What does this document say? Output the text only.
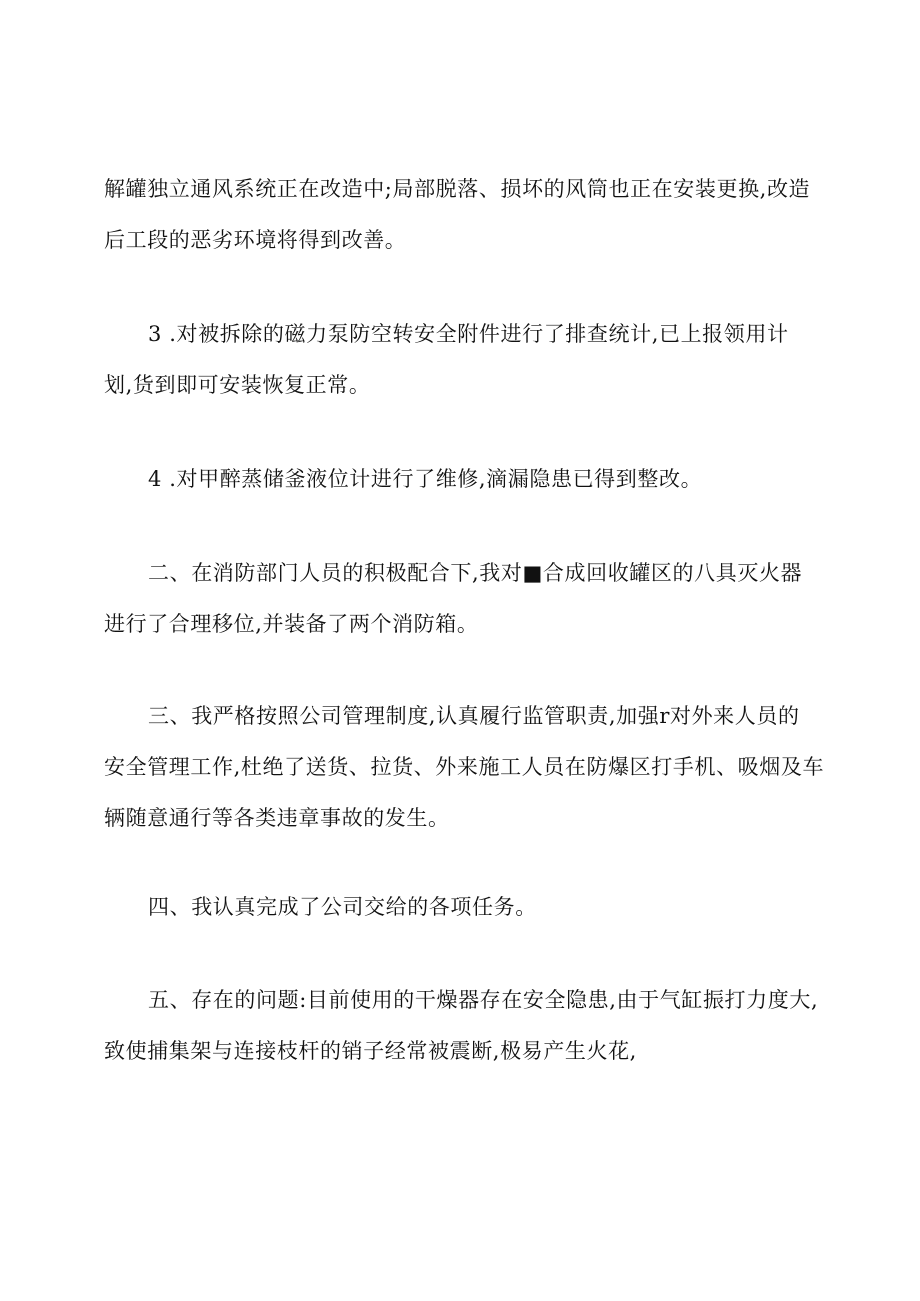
解罐独立通风系统正在改造中;局部脱落、损坏的风筒也正在安装更换,改造
后工段的恶劣环境将得到改善。
3 .对被拆除的磁力泵防空转安全附件进行了排查统计,已上报领用计
划,货到即可安装恢复正常。
4 .对甲醉蒸储釜液位计进行了维修,滴漏隐患已得到整改。
二、在消防部门人员的积极配合下,我对■合成回收罐区的八具灭火器
进行了合理移位,并装备了两个消防箱。
三、我严格按照公司管理制度,认真履行监管职责,加强r对外来人员的
安全管理工作,杜绝了送货、拉货、外来施工人员在防爆区打手机、吸烟及车
辆随意通行等各类违章事故的发生。
四、我认真完成了公司交给的各项任务。
五、存在的问题:目前使用的干燥器存在安全隐患,由于气缸振打力度大,
致使捕集架与连接枝杆的销子经常被震断,极易产生火花,
